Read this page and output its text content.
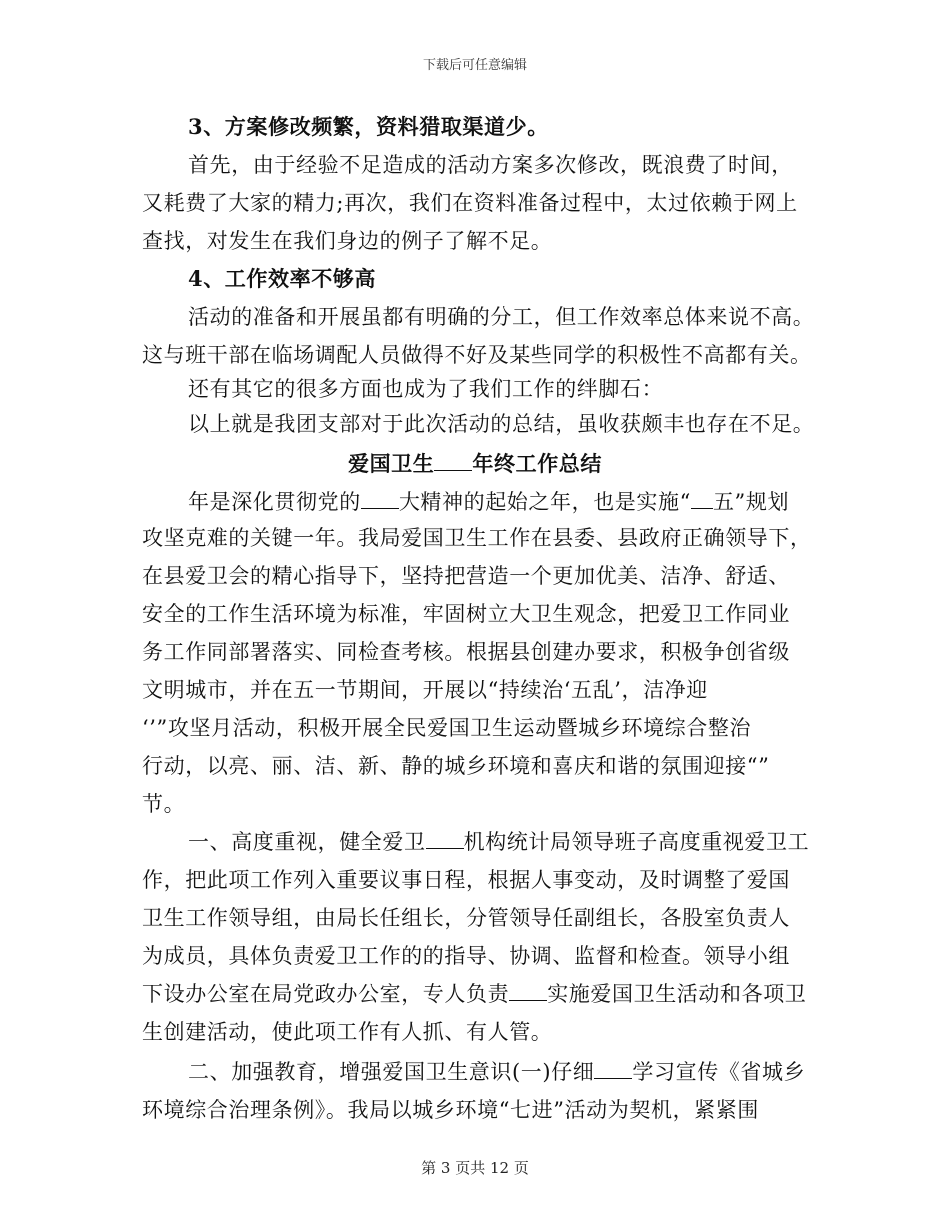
下载后可任意编辑
3、方案修改频繁，资料猎取渠道少。
首先，由于经验不足造成的活动方案多次修改，既浪费了时间，
又耗费了大家的精力;再次，我们在资料准备过程中，太过依赖于网上
查找，对发生在我们身边的例子了解不足。
4、工作效率不够高
活动的准备和开展虽都有明确的分工，但工作效率总体来说不高。
这与班干部在临场调配人员做得不好及某些同学的积极性不高都有关。
还有其它的很多方面也成为了我们工作的绊脚石：
以上就是我团支部对于此次活动的总结，虽收获颇丰也存在不足。
爱国卫生 年终工作总结
年是深化贯彻党的 大精神的起始之年，也是实施“ 五”规划
攻坚克难的关键一年。我局爱国卫生工作在县委、县政府正确领导下，
在县爱卫会的精心指导下，坚持把营造一个更加优美、洁净、舒适、
安全的工作生活环境为标准，牢固树立大卫生观念，把爱卫工作同业
务工作同部署落实、同检查考核。根据县创建办要求，积极争创省级
文明城市，并在五一节期间，开展以“持续治‘五乱’，洁净迎
‘’”攻坚月活动，积极开展全民爱国卫生运动暨城乡环境综合整治
行动，以亮、丽、洁、新、静的城乡环境和喜庆和谐的氛围迎接“”
节。
一、高度重视，健全爱卫 机构统计局领导班子高度重视爱卫工
作，把此项工作列入重要议事日程，根据人事变动，及时调整了爱国
卫生工作领导组，由局长任组长，分管领导任副组长，各股室负责人
为成员，具体负责爱卫工作的的指导、协调、监督和检查。领导小组
下设办公室在局党政办公室，专人负责 实施爱国卫生活动和各项卫
生创建活动，使此项工作有人抓、有人管。
二、加强教育，增强爱国卫生意识(一)仔细 学习宣传《省城乡
环境综合治理条例》。我局以城乡环境“七进”活动为契机，紧紧围
第 3 页共 12 页
